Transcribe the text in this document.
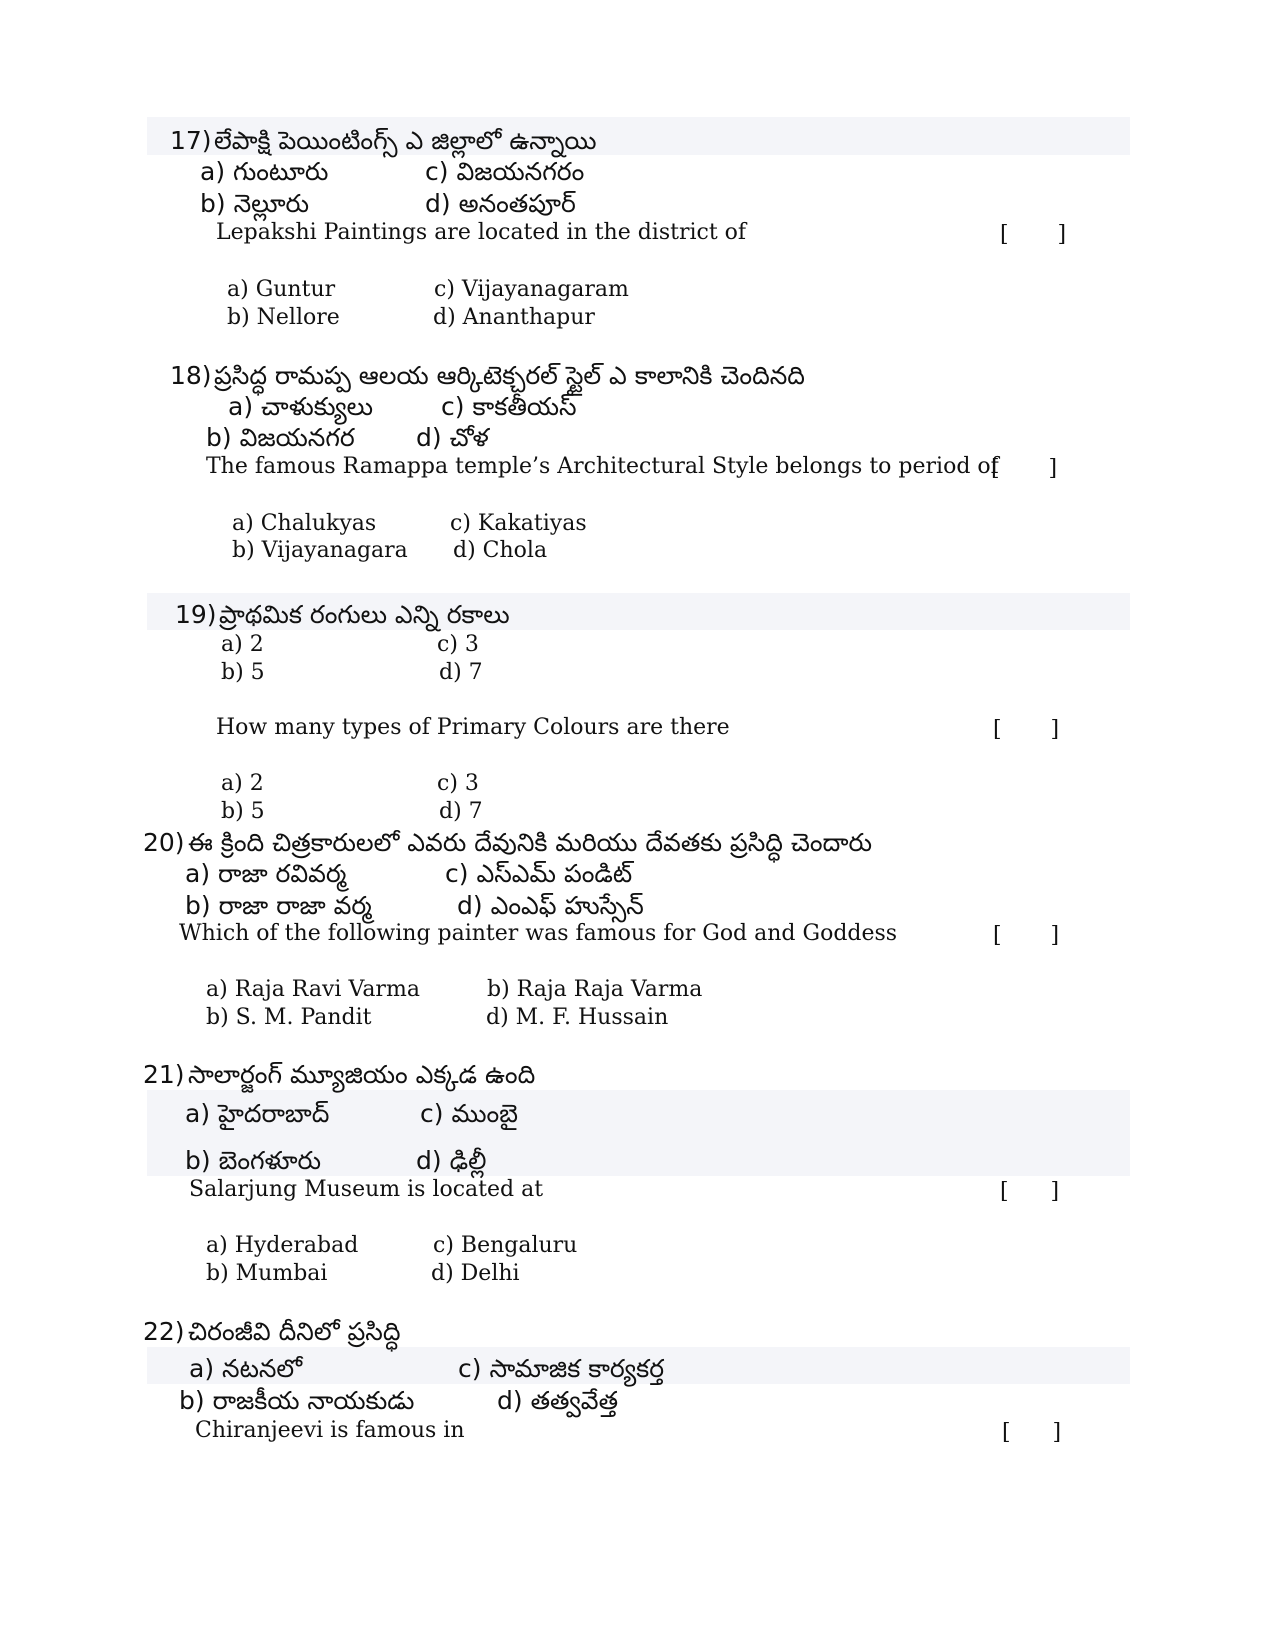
17) లేపాక్షి పెయింటింగ్స్ ఎ జిల్లాలో ఉన్నాయి
a) గుంటూరు	c) విజయనగరం
b) నెల్లూరు	d) అనంతపూర్
Lepakshi Paintings are located in the district of	[       ]
a) Guntur	c) Vijayanagaram
b) Nellore	d) Ananthapur
18) ప్రసిద్ధ రామప్ప ఆలయ ఆర్కిటెక్చరల్ స్టైల్ ఎ కాలానికి చెందినది
a) చాళుక్యులు	c) కాకతీయస్
b) విజయనగర d) చోళ
The famous Ramappa temple’s Architectural Style belongs to period of
[       ]
a) Chalukyas	c) Kakatiyas
b) Vijayanagara d) Chola
19) ప్రాథమిక రంగులు ఎన్ని రకాలు
a) 2	c) 3
b) 5	d) 7
How many types of Primary Colours are there	[       ]
a) 2	c) 3
b) 5	d) 7
20) ఈ క్రింది చిత్రకారులలో ఎవరు దేవునికి మరియు దేవతకు ప్రసిద్ధి చెందారు
a) రాజా రవివర్మ	c) ఎస్ఎమ్ పండిట్
b) రాజా రాజా వర్మ	d) ఎంఎఫ్ హుస్సేన్
Which of the following painter was famous for God and Goddess	[       ]
a) Raja Ravi Varma	b) Raja Raja Varma
b) S. M. Pandit	d) M. F. Hussain
21) సాలార్జంగ్ మ్యూజియం ఎక్కడ ఉంది
a) హైదరాబాద్	c) ముంబై
b) బెంగళూరు	d) ఢిల్లీ
Salarjung Museum is located at	[      ]
a) Hyderabad	c) Bengaluru
b) Mumbai	d) Delhi
22) చిరంజీవి దీనిలో ప్రసిద్ధి
a) నటనలో	c) సామాజిక కార్యకర్త
b) రాజకీయ నాయకుడు	d) తత్వవేత్త
Chiranjeevi is famous in	[      ]
